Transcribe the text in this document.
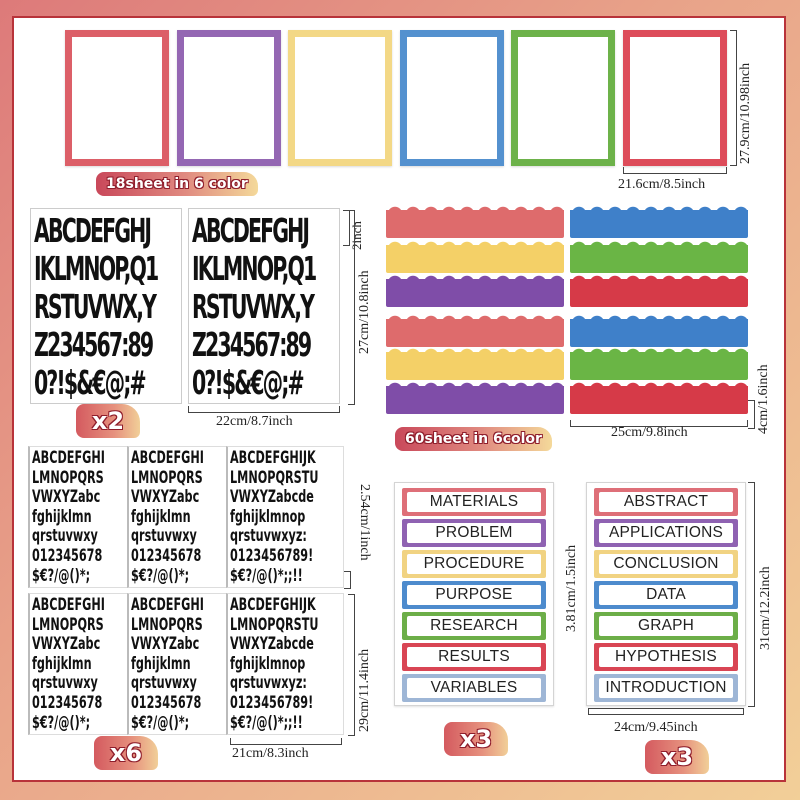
18sheet in 6 color	21.6cm/8.5inch
27.9cm/10.98inch
ABCDEFGHJ
IKLMNOP,Q1
RSTUVWX,Y
Z234567:89
0?!$&€@;#
ABCDEFGHJ
IKLMNOP,Q1
RSTUVWX,Y
Z234567:89
0?!$&€@;#
2inch
27cm/10.8inch
22cm/8.7inch
x2	4cm/1.6inch
25cm/9.8inch
60sheet in 6color
ABCDEFGHI
LMNOPQRS
VWXYZabc
fghijklmn
qrstuvwxy
012345678
$€?/@()*;
ABCDEFGHI
LMNOPQRS
VWXYZabc
fghijklmn
qrstuvwxy
012345678
$€?/@()*;
ABCDEFGHIJK
LMNOPQRSTU
VWXYZabcde
fghijklmnop
qrstuvwxyz:
0123456789!
$€?/@()*;;!!
ABCDEFGHI
LMNOPQRS
VWXYZabc
fghijklmn
qrstuvwxy
012345678
$€?/@()*;
ABCDEFGHI
LMNOPQRS
VWXYZabc
fghijklmn
qrstuvwxy
012345678
$€?/@()*;
ABCDEFGHIJK
LMNOPQRSTU
VWXYZabcde
fghijklmnop
qrstuvwxyz:
0123456789!
$€?/@()*;;!!
2.54cm/1inch
29cm/11.4inch
21cm/8.3inch
x6
MATERIALS
PROBLEM
PROCEDURE
PURPOSE
RESEARCH
RESULTS
VARIABLES
x3
3.81cm/1.5inch
ABSTRACT
APPLICATIONS
CONCLUSION
DATA
GRAPH
HYPOTHESIS
INTRODUCTION
31cm/12.2inch
24cm/9.45inch
x3
